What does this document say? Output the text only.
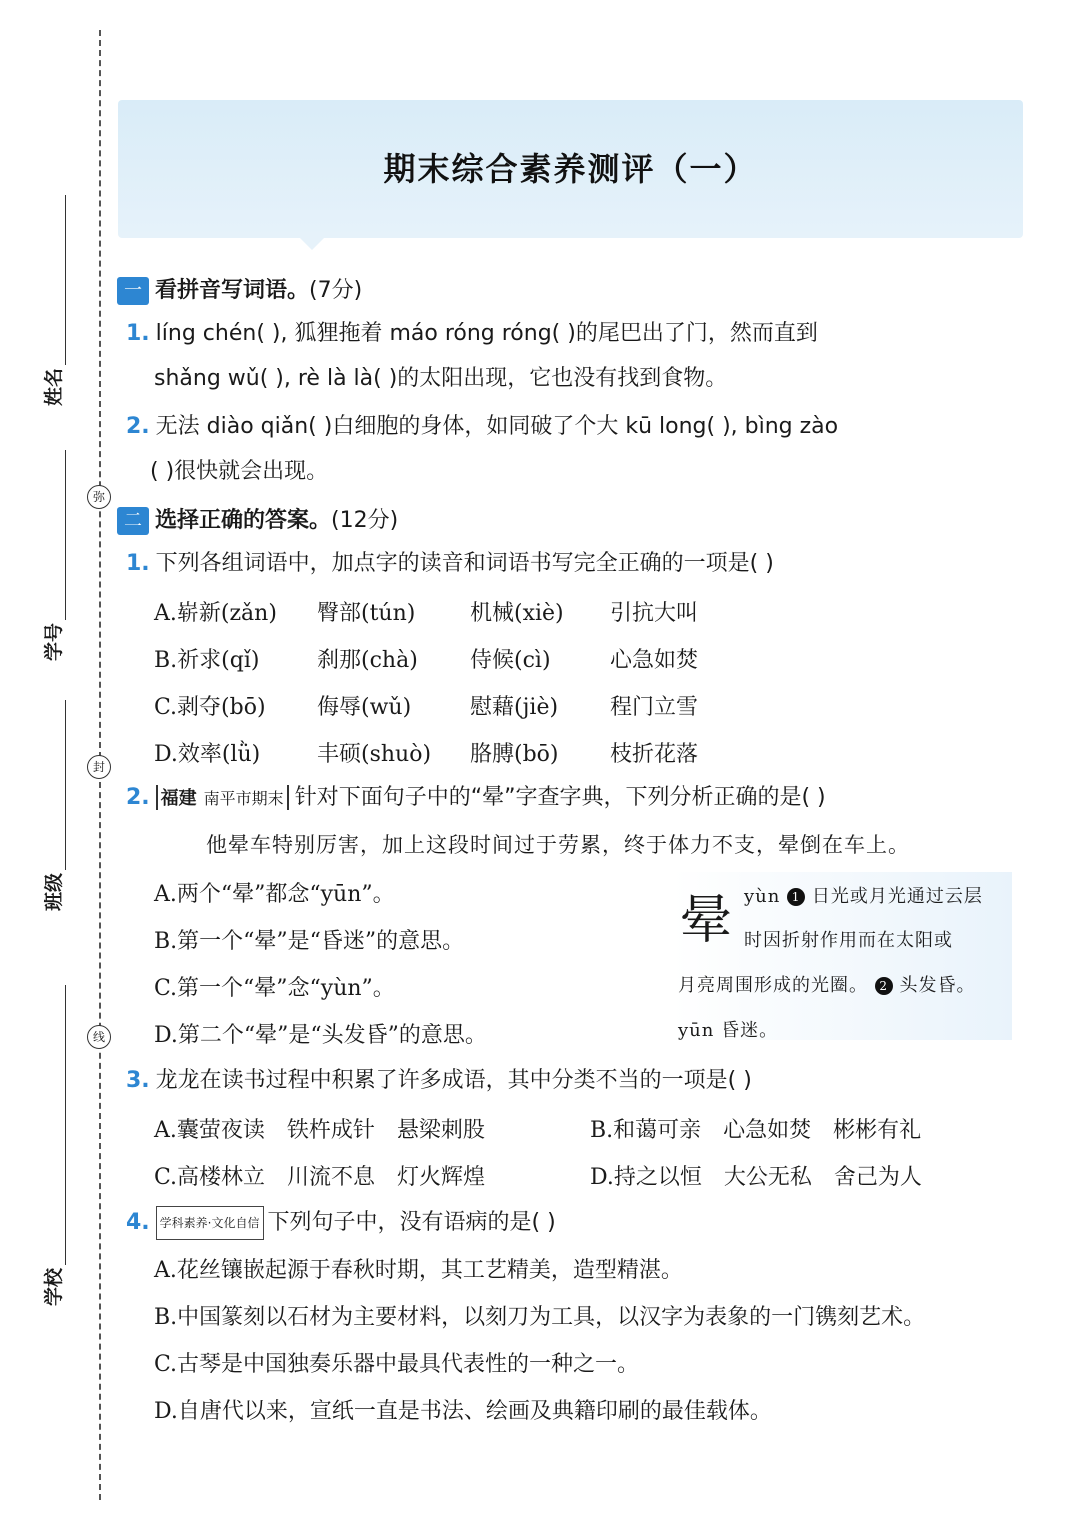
姓名
学号
班级
学校
弥
封
线
期末综合素养测评（一）
一 看拼音写词语。(7分)
1. líng chén( ), 狐狸拖着 máo róng róng( )的尾巴出了门，然而直到
shǎng wǔ( ), rè là là( )的太阳出现，它也没有找到食物。
2. 无法 diào qiǎn( )白细胞的身体，如同破了个大 kū long( ), bìng zào
( )很快就会出现。
二 选择正确的答案。(12分)
1. 下列各组词语中，加点字的读音和词语书写完全正确的一项是( )
A.崭新(zǎn) 臀部(tún) 机械(xiè) 引抗大叫
B.祈求(qǐ)	刹那(chà) 侍候(cì)	心急如焚
C.剥夺(bō) 侮辱(wǔ)	慰藉(jiè) 程门立雪
D.效率(lǜ)	丰硕(shuò) 胳膊(bō) 枝折花落
2. 福建 南平市期末 针对下面句子中的“晕”字查字典，下列分析正确的是( )
他晕车特别厉害，加上这段时间过于劳累，终于体力不支，晕倒在车上。
A.两个“晕”都念“yūn”。
B.第一个“晕”是“昏迷”的意思。
C.第一个“晕”念“yùn”。
D.第二个“晕”是“头发昏”的意思。
晕 yùn 1 日光或月光通过云层
时因折射作用而在太阳或
月亮周围形成的光圈。 2 头发昏。
yūn 昏迷。
3. 龙龙在读书过程中积累了许多成语，其中分类不当的一项是( )
A.囊萤夜读　铁杵成针　悬梁刺股	B.和蔼可亲　心急如焚　彬彬有礼
C.高楼林立　川流不息　灯火辉煌	D.持之以恒　大公无私　舍己为人
4. 学科素养·文化自信 下列句子中，没有语病的是( )
A.花丝镶嵌起源于春秋时期，其工艺精美，造型精湛。
B.中国篆刻以石材为主要材料，以刻刀为工具，以汉字为表象的一门镌刻艺术。
C.古琴是中国独奏乐器中最具代表性的一种之一。
D.自唐代以来，宣纸一直是书法、绘画及典籍印刷的最佳载体。
